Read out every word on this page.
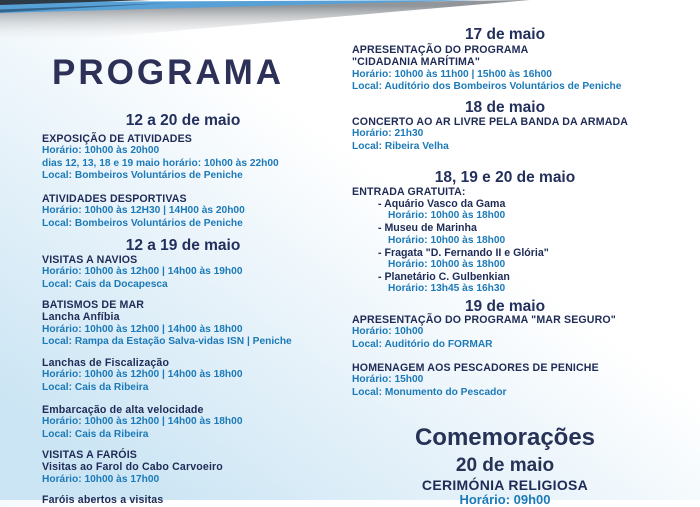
PROGRAMA
12 a 20 de maio
EXPOSIÇÃO DE ATIVIDADES
Horário: 10h00 às 20h00
dias 12, 13, 18 e 19 maio horário: 10h00 às 22h00
Local: Bombeiros Voluntários de Peniche
ATIVIDADES DESPORTIVAS
Horário: 10h00 às 12H30 | 14H00 às 20h00
Local: Bombeiros Voluntários de Peniche
12 a 19 de maio
VISITAS A NAVIOS
Horário: 10h00 às 12h00 | 14h00 às 19h00
Local: Cais da Docapesca
BATISMOS DE MAR
Lancha Anfíbia
Horário: 10h00 às 12h00 | 14h00 às 18h00
Local: Rampa da Estação Salva-vidas ISN | Peniche
Lanchas de Fiscalização
Horário: 10h00 às 12h00 | 14h00 às 18h00
Local: Cais da Ribeira
Embarcação de alta velocidade
Horário: 10h00 às 12h00 | 14h00 às 18h00
Local: Cais da Ribeira
VISITAS A FARÓIS
Visitas ao Farol do Cabo Carvoeiro
Horário: 10h00 às 17h00
Faróis abertos a visitas
17 de maio
APRESENTAÇÃO DO PROGRAMA
"CIDADANIA MARÍTIMA"
Horário: 10h00 às 11h00 | 15h00 às 16h00
Local: Auditório dos Bombeiros Voluntários de Peniche
18 de maio
CONCERTO AO AR LIVRE PELA BANDA DA ARMADA
Horário: 21h30
Local: Ribeira Velha
18, 19 e 20 de maio
ENTRADA GRATUITA:
- Aquário Vasco da Gama
Horário: 10h00 às 18h00
- Museu de Marinha
Horário: 10h00 às 18h00
- Fragata "D. Fernando II e Glória"
Horário: 10h00 às 18h00
- Planetário C. Gulbenkian
Horário: 13h45 às 16h30
19 de maio
APRESENTAÇÃO DO PROGRAMA "MAR SEGURO"
Horário: 10h00
Local: Auditório do FORMAR
HOMENAGEM AOS PESCADORES DE PENICHE
Horário: 15h00
Local: Monumento do Pescador
Comemorações
20 de maio
CERIMÓNIA RELIGIOSA
Horário: 09h00
